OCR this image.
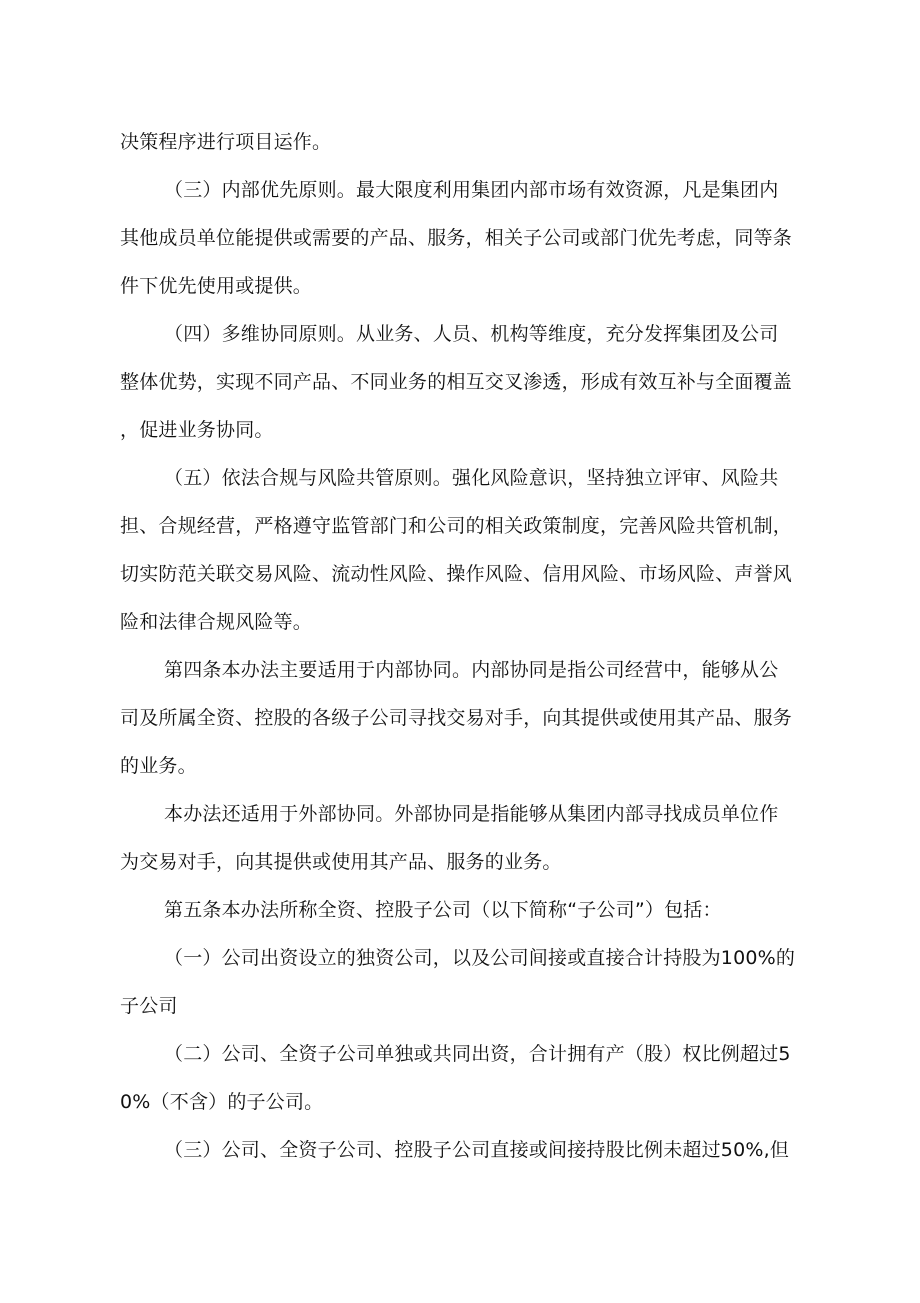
决策程序进行项目运作。
（三）内部优先原则。最大限度利用集团内部市场有效资源，凡是集团内
其他成员单位能提供或需要的产品、服务，相关子公司或部门优先考虑，同等条
件下优先使用或提供。
（四）多维协同原则。从业务、人员、机构等维度，充分发挥集团及公司
整体优势，实现不同产品、不同业务的相互交叉渗透，形成有效互补与全面覆盖
，促进业务协同。
（五）依法合规与风险共管原则。强化风险意识，坚持独立评审、风险共
担、合规经营，严格遵守监管部门和公司的相关政策制度，完善风险共管机制，
切实防范关联交易风险、流动性风险、操作风险、信用风险、市场风险、声誉风
险和法律合规风险等。
第四条本办法主要适用于内部协同。内部协同是指公司经营中，能够从公
司及所属全资、控股的各级子公司寻找交易对手，向其提供或使用其产品、服务
的业务。
本办法还适用于外部协同。外部协同是指能够从集团内部寻找成员单位作
为交易对手，向其提供或使用其产品、服务的业务。
第五条本办法所称全资、控股子公司（以下简称“子公司”）包括：
（一）公司出资设立的独资公司，以及公司间接或直接合计持股为100%的
子公司
（二）公司、全资子公司单独或共同出资，合计拥有产（股）权比例超过5
0%（不含）的子公司。
（三）公司、全资子公司、控股子公司直接或间接持股比例未超过50%,但
